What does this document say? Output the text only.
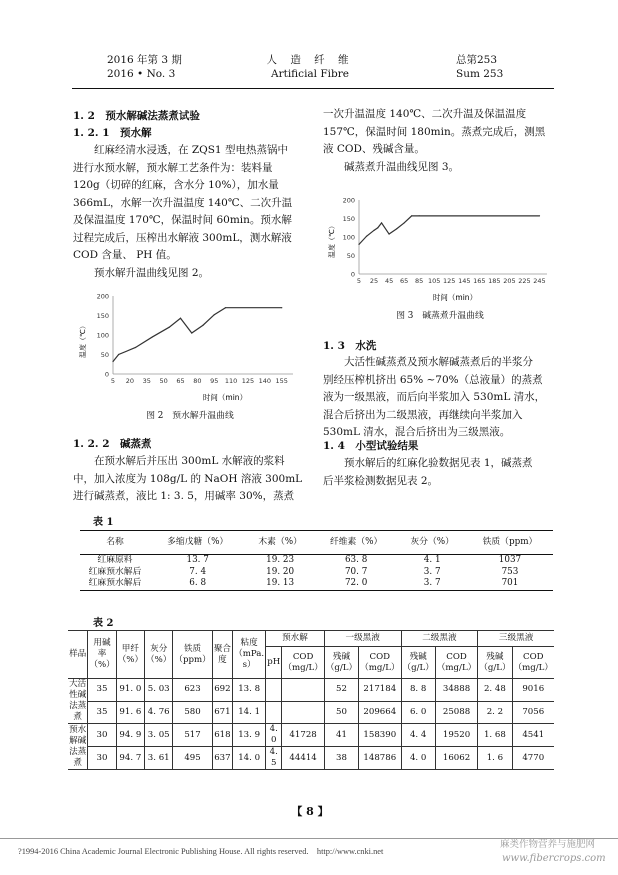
2016 年第 3 期
2016 • No. 3
人 造 纤 维
Artificial Fibre
总第253
Sum 253
1. 2　预水解碱法蒸煮试验
1. 2. 1　预水解
红麻经清水浸透，在 ZQS1 型电热蒸锅中
进行水预水解，预水解工艺条件为：装料量
120g（切碎的红麻，含水分 10%），加水量
366mL，水解一次升温温度 140℃、二次升温
及保温温度 170℃，保温时间 60min。预水解
过程完成后，压榨出水解液 300mL，测水解液
COD 含量、 PH 值。
预水解升温曲线见图 2。
0
50
100
150
200
5 20 35 50 65 80 95 110 125 140 155
温度（℃）
时间（min）
图 2　预水解升温曲线
1. 2. 2　碱蒸煮
在预水解后并压出 300mL 水解液的浆料
中，加入浓度为 108g/L 的 NaOH 溶液 300mL
进行碱蒸煮，液比 1: 3. 5，用碱率 30%，蒸煮
一次升温温度 140℃、二次升温及保温温度
157℃，保温时间 180min。蒸煮完成后，测黑
液 COD、残碱含量。
碱蒸煮升温曲线见图 3。
0
50
100
150
200
5 25 45 65 85 105 125 145 165 185 205 225 245
温度（℃）
时间（min）
图 3　碱蒸煮升温曲线
1. 3　水洗
大活性碱蒸煮及预水解碱蒸煮后的半浆分
别经压榨机挤出 65% ~70%（总液量）的蒸煮
液为一级黑液，而后向半浆加入 530mL 清水，
混合后挤出为二级黑液，再继续向半浆加入
530mL 清水，混合后挤出为三级黑液。
1. 4　小型试验结果
预水解后的红麻化验数据见表 1，碱蒸煮
后半浆检测数据见表 2。
表 1
名称	多缩戊糖（%）	木素（%）	纤维素（%）	灰分（%）	铁质（ppm）
红麻原料	13. 7	19. 23	63. 8	4. 1	1037
红麻预水解后	7. 4	19. 20	70. 7	3. 7	753
红麻预水解后	6. 8	19. 13	72. 0	3. 7	701
表 2
样品	用碱率（%）	甲纤（%）	灰分（%）	铁质（ppm）	聚合度	粘度（mPa. s）	预水解		一级黑液		二级黑液		三级黑液	
							pH	COD（mg/L）	残碱（g/L）	COD（mg/L）	残碱（g/L）	COD（mg/L）	残碱（g/L）	COD（mg/L）
大活性碱法蒸煮	35	91. 0	5. 03	623	692	13. 8			52	217184	8. 8	34888	2. 48	9016
	35	91. 6	4. 76	580	671	14. 1			50	209664	6. 0	25088	2. 2	7056
预水解碱法蒸煮	30	94. 9	3. 05	517	618	13. 9	4. 0	41728	41	158390	4. 4	19520	1. 68	4541
	30	94. 7	3. 61	495	637	14. 0	4. 5	44414	38	148786	4. 0	16062	1. 6	4770
【 8 】
?1994-2016 China Academic Journal Electronic Publishing House. All rights reserved.　http://www.cnki.net
麻类作物营养与施肥网
www.fibercrops.com
